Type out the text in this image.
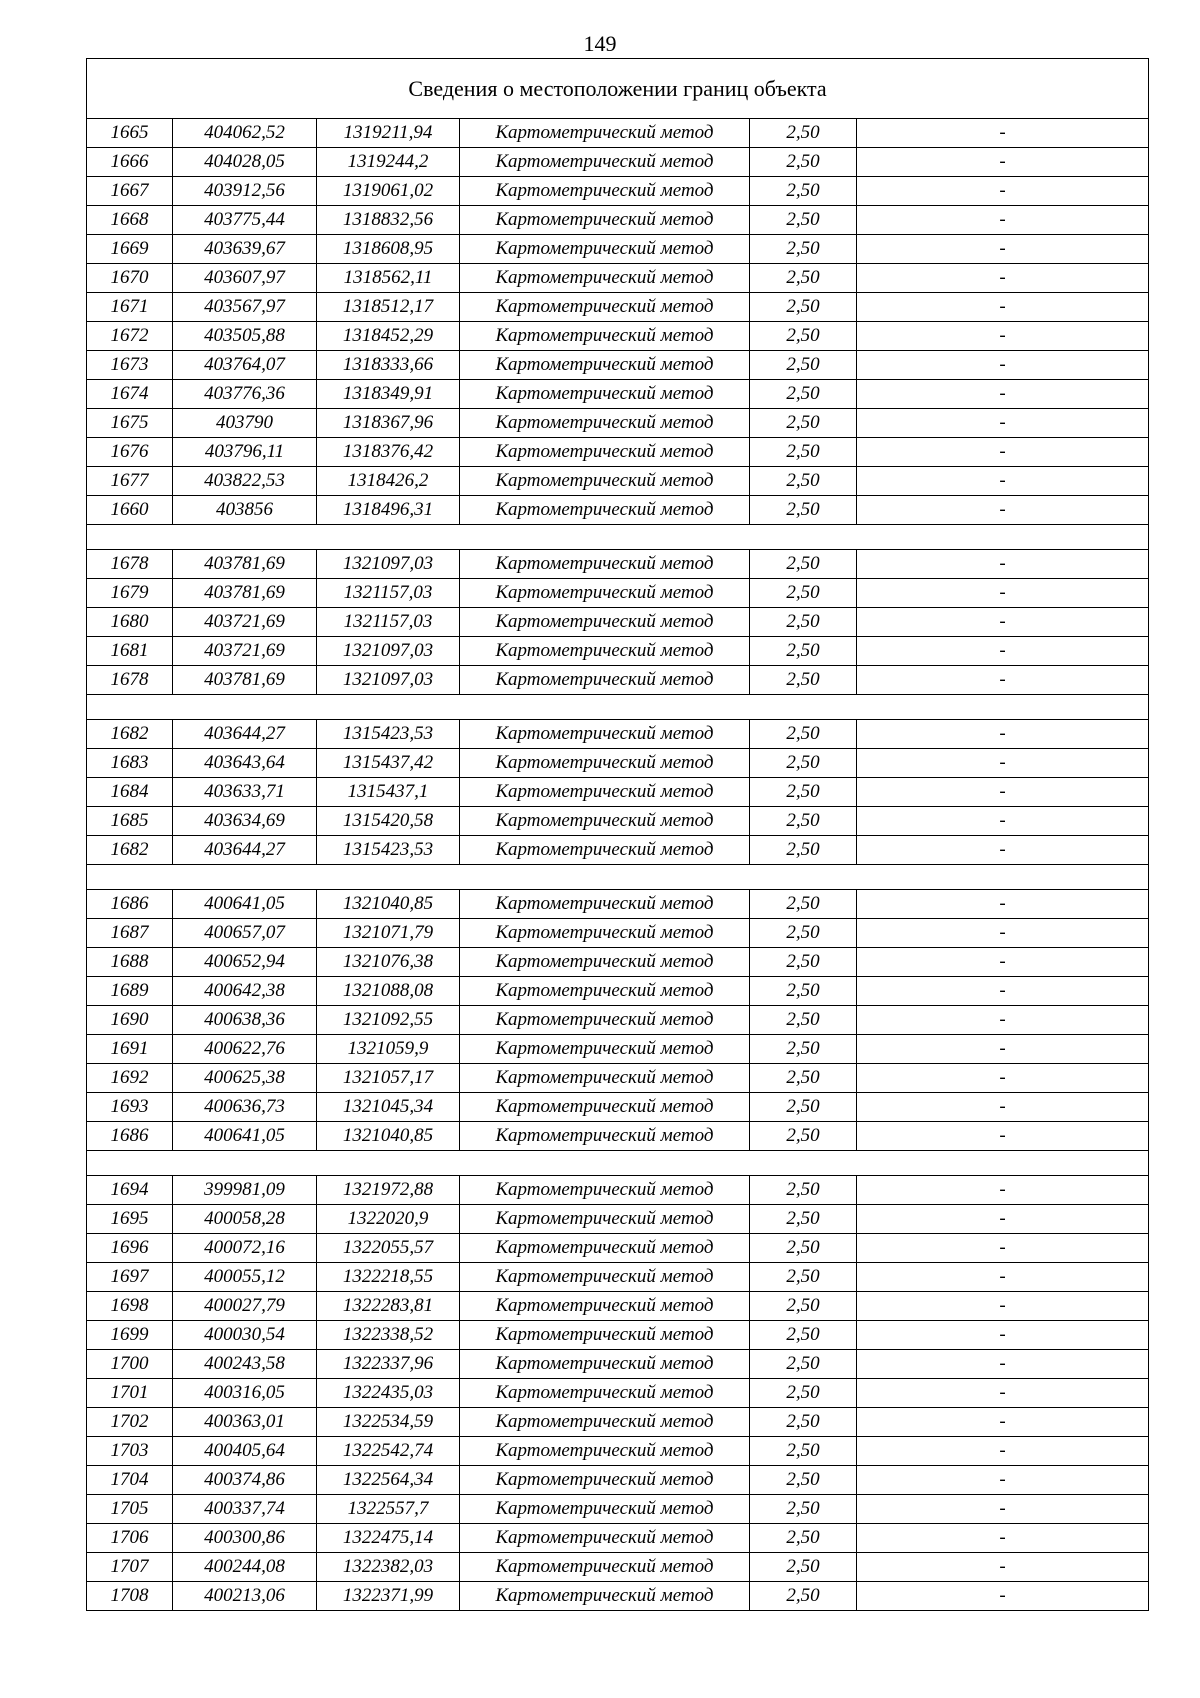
149
Сведения о местоположении границ объекта					
1665	404062,52	1319211,94	Картометрический метод	2,50	-
1666	404028,05	1319244,2	Картометрический метод	2,50	-
1667	403912,56	1319061,02	Картометрический метод	2,50	-
1668	403775,44	1318832,56	Картометрический метод	2,50	-
1669	403639,67	1318608,95	Картометрический метод	2,50	-
1670	403607,97	1318562,11	Картометрический метод	2,50	-
1671	403567,97	1318512,17	Картометрический метод	2,50	-
1672	403505,88	1318452,29	Картометрический метод	2,50	-
1673	403764,07	1318333,66	Картометрический метод	2,50	-
1674	403776,36	1318349,91	Картометрический метод	2,50	-
1675	403790	1318367,96	Картометрический метод	2,50	-
1676	403796,11	1318376,42	Картометрический метод	2,50	-
1677	403822,53	1318426,2	Картометрический метод	2,50	-
1660	403856	1318496,31	Картометрический метод	2,50	-

1678	403781,69	1321097,03	Картометрический метод	2,50	-
1679	403781,69	1321157,03	Картометрический метод	2,50	-
1680	403721,69	1321157,03	Картометрический метод	2,50	-
1681	403721,69	1321097,03	Картометрический метод	2,50	-
1678	403781,69	1321097,03	Картометрический метод	2,50	-

1682	403644,27	1315423,53	Картометрический метод	2,50	-
1683	403643,64	1315437,42	Картометрический метод	2,50	-
1684	403633,71	1315437,1	Картометрический метод	2,50	-
1685	403634,69	1315420,58	Картометрический метод	2,50	-
1682	403644,27	1315423,53	Картометрический метод	2,50	-

1686	400641,05	1321040,85	Картометрический метод	2,50	-
1687	400657,07	1321071,79	Картометрический метод	2,50	-
1688	400652,94	1321076,38	Картометрический метод	2,50	-
1689	400642,38	1321088,08	Картометрический метод	2,50	-
1690	400638,36	1321092,55	Картометрический метод	2,50	-
1691	400622,76	1321059,9	Картометрический метод	2,50	-
1692	400625,38	1321057,17	Картометрический метод	2,50	-
1693	400636,73	1321045,34	Картометрический метод	2,50	-
1686	400641,05	1321040,85	Картометрический метод	2,50	-

1694	399981,09	1321972,88	Картометрический метод	2,50	-
1695	400058,28	1322020,9	Картометрический метод	2,50	-
1696	400072,16	1322055,57	Картометрический метод	2,50	-
1697	400055,12	1322218,55	Картометрический метод	2,50	-
1698	400027,79	1322283,81	Картометрический метод	2,50	-
1699	400030,54	1322338,52	Картометрический метод	2,50	-
1700	400243,58	1322337,96	Картометрический метод	2,50	-
1701	400316,05	1322435,03	Картометрический метод	2,50	-
1702	400363,01	1322534,59	Картометрический метод	2,50	-
1703	400405,64	1322542,74	Картометрический метод	2,50	-
1704	400374,86	1322564,34	Картометрический метод	2,50	-
1705	400337,74	1322557,7	Картометрический метод	2,50	-
1706	400300,86	1322475,14	Картометрический метод	2,50	-
1707	400244,08	1322382,03	Картометрический метод	2,50	-
1708	400213,06	1322371,99	Картометрический метод	2,50	-
